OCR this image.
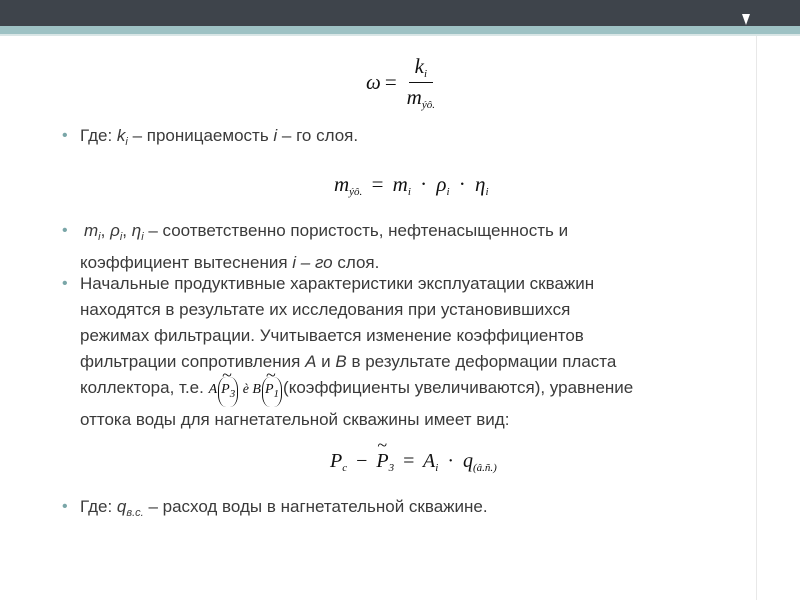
$\omega = \frac{k_i}{m_{ýô.}}$
• Где: $k_i$ – проницаемость i – го слоя.
$m_{ýô.} = m_i \cdot \rho_i \cdot \eta_i$
• $m_i$, $\rho_i$, $\eta_i$ – соответственно пористость, нефтенасыщенность и
коэффициент вытеснения i – го слоя.
• Начальные продуктивные характеристики эксплуатации скважин
находятся в результате их исследования при установившихся
режимах фильтрации. Учитывается изменение коэффициентов
фильтрации сопротивления A и B в результате деформации пласта
коллектора, т.е. A ~ $P_3$ è B ~ $P_1$ (коэффициенты увеличиваются), уравнение
оттока воды для нагнетательной скважины имеет вид:
$P_c$ − ~ $P_3 = A_i \cdot q_{(â.ñ.)}$
• Где: $q_{в.с.}$ – расход воды в нагнетательной скважине.
